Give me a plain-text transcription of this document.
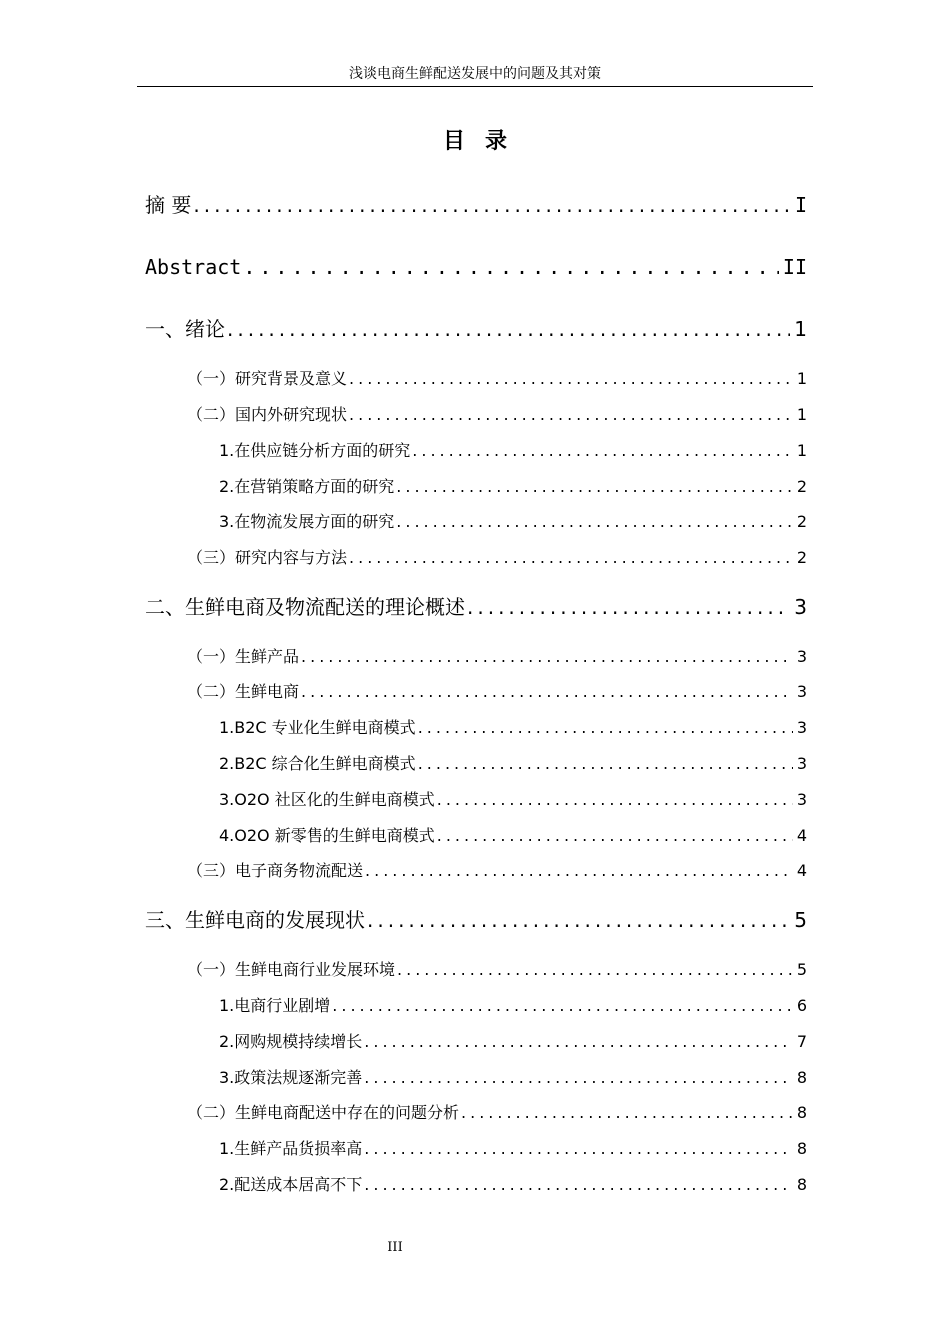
浅谈电商生鲜配送发展中的问题及其对策
目录
摘 要 .....	I
Abstract .....	II
一、绪论 .....	1
（一）研究背景及意义 .....	1
（二）国内外研究现状 .....	1
1.在供应链分析方面的研究 .....	1
2.在营销策略方面的研究 .....	2
3.在物流发展方面的研究 .....	2
（三）研究内容与方法 .....	2
二、生鲜电商及物流配送的理论概述 .....	3
（一）生鲜产品 .....	3
（二）生鲜电商 .....	3
1.B2C 专业化生鲜电商模式 .....	3
2.B2C 综合化生鲜电商模式 .....	3
3.O2O 社区化的生鲜电商模式 .....	3
4.O2O 新零售的生鲜电商模式 .....	4
（三）电子商务物流配送 .....	4
三、生鲜电商的发展现状 .....	5
（一）生鲜电商行业发展环境 .....	5
1.电商行业剧增 .....	6
2.网购规模持续增长 .....	7
3.政策法规逐渐完善 .....	8
（二）生鲜电商配送中存在的问题分析 .....	8
1.生鲜产品货损率高 .....	8
2.配送成本居高不下 .....	8
III
